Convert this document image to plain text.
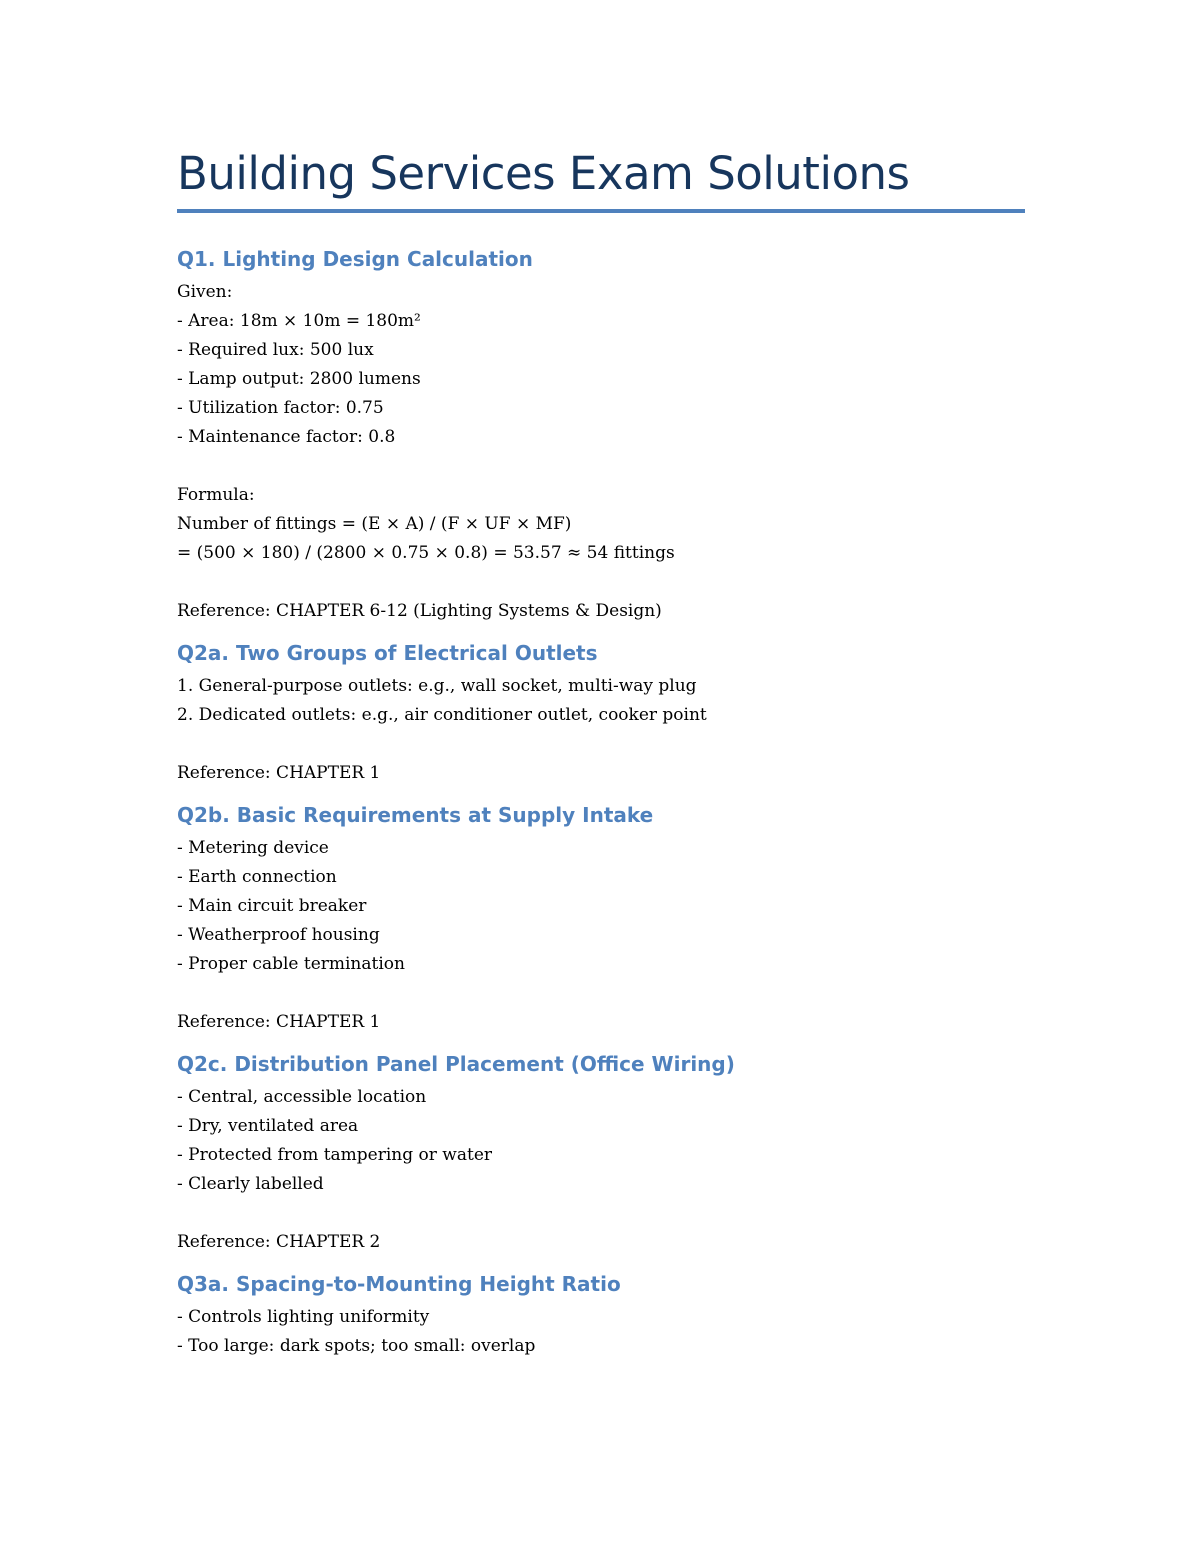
Building Services Exam Solutions
Q1. Lighting Design Calculation

Given:

- Area: 18m × 10m = 180m²

- Required lux: 500 lux

- Lamp output: 2800 lumens

- Utilization factor: 0.75

- Maintenance factor: 0.8

Formula:

Number of fittings = (E × A) / (F × UF × MF)

= (500 × 180) / (2800 × 0.75 × 0.8) = 53.57 ≈ 54 fittings

Reference: CHAPTER 6-12 (Lighting Systems & Design)

Q2a. Two Groups of Electrical Outlets

1. General-purpose outlets: e.g., wall socket, multi-way plug

2. Dedicated outlets: e.g., air conditioner outlet, cooker point

Reference: CHAPTER 1

Q2b. Basic Requirements at Supply Intake

- Metering device

- Earth connection

- Main circuit breaker

- Weatherproof housing

- Proper cable termination

Reference: CHAPTER 1

Q2c. Distribution Panel Placement (Office Wiring)

- Central, accessible location

- Dry, ventilated area

- Protected from tampering or water

- Clearly labelled

Reference: CHAPTER 2

Q3a. Spacing-to-Mounting Height Ratio

- Controls lighting uniformity

- Too large: dark spots; too small: overlap
